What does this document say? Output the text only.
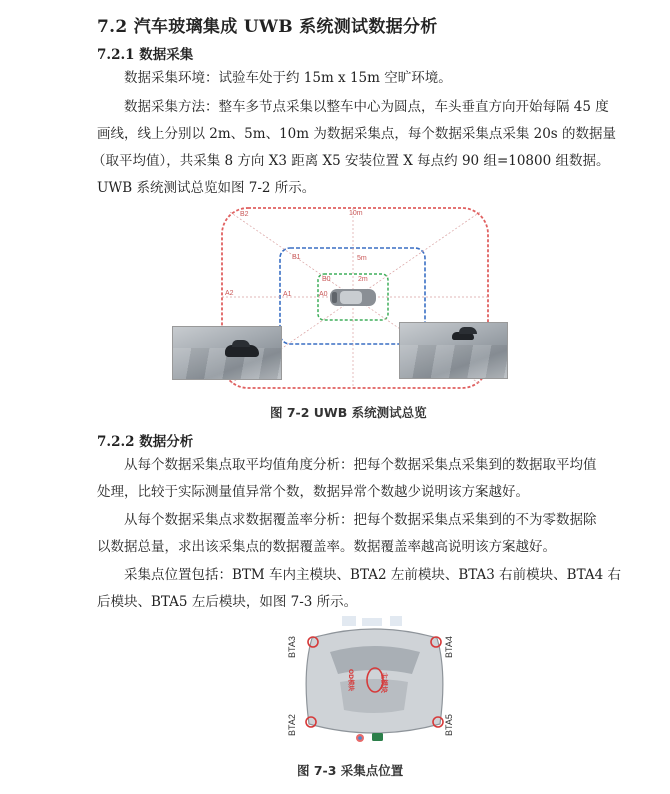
7.2 汽车玻璃集成 UWB 系统测试数据分析
7.2.1 数据采集
数据采集环境：试验车处于约 15m x 15m 空旷环境。
数据采集方法：整车多节点采集以整车中心为圆点，车头垂直方向开始每隔 45 度
画线，线上分别以 2m、5m、10m 为数据采集点，每个数据采集点采集 20s 的数据量
（取平均值），共采集 8 方向 X3 距离 X5 安装位置 X 每点约 90 组=10800 组数据。
UWB 系统测试总览如图 7-2 所示。
B2	10m
B1	5m
B0	2m
A2	A1	A0
图 7-2 UWB 系统测试总览
7.2.2 数据分析
从每个数据采集点取平均值角度分析：把每个数据采集点采集到的数据取平均值
处理，比较于实际测量值异常个数，数据异常个数越少说明该方案越好。
从每个数据采集点求数据覆盖率分析：把每个数据采集点采集到的不为零数据除
以数据总量，求出该采集点的数据覆盖率。数据覆盖率越高说明该方案越好。
采集点位置包括：BTM 车内主模块、BTA2 左前模块、BTA3 右前模块、BTA4 右
后模块、BTA5 左后模块，如图 7-3 所示。
BTA3	BTA4
BTA2	BTA5
OD模块	主模块
图 7-3 采集点位置
